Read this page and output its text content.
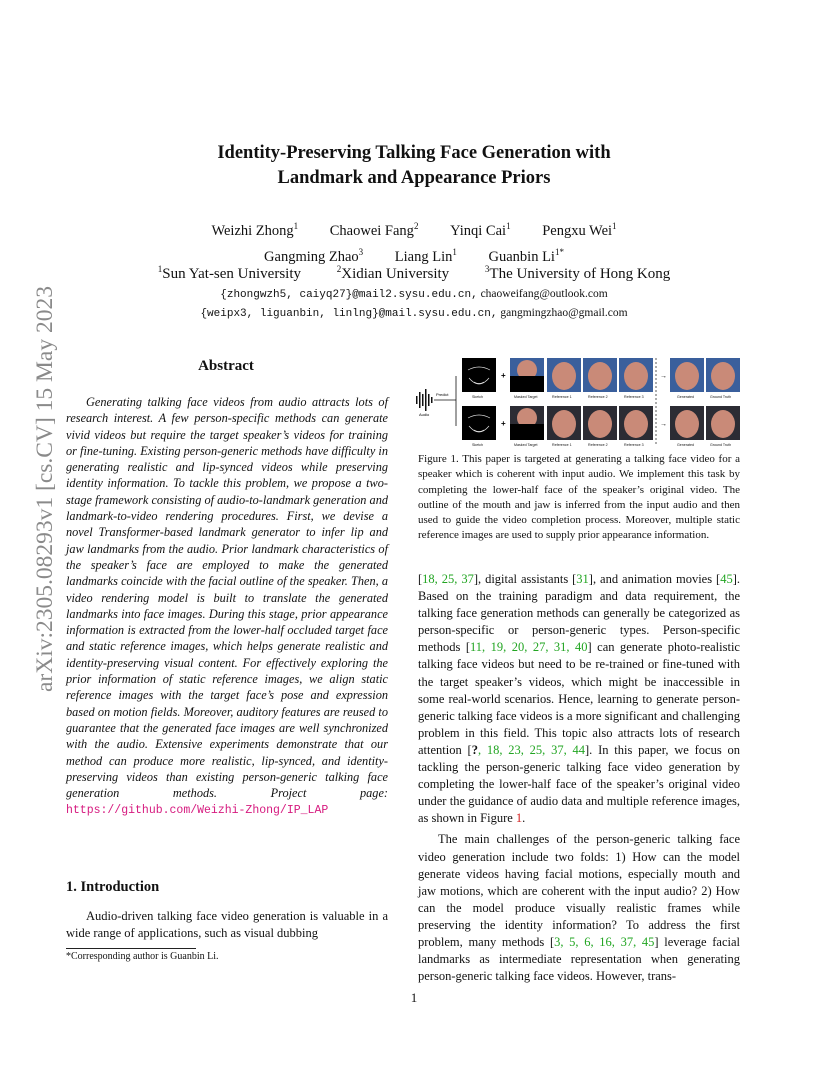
arXiv:2305.08293v1 [cs.CV] 15 May 2023
Identity-Preserving Talking Face Generation with
Landmark and Appearance Priors
Weizhi Zhong$^1$ Chaowei Fang$^2$ Yinqi Cai$^1$ Pengxu Wei$^1$
Gangming Zhao$^3$ Liang Lin$^1$ Guanbin $Li^{1*}$
$^1$Sun Yat-sen University	$^2$Xidian University	$^3$The University of Hong Kong
{zhongwzh5, caiyq27}@mail2.sysu.edu.cn, chaoweifang@outlook.com
{weipx3, liguanbin, linlng}@mail.sysu.edu.cn, gangmingzhao@gmail.com
Abstract

Generating talking face videos from audio attracts lots of research interest. A few person-specific methods can generate vivid videos but require the target speaker’s videos for training or fine-tuning. Existing person-generic methods have difficulty in generating realistic and lip-synced videos while preserving identity information. To tackle this problem, we propose a two-stage framework consisting of audio-to-landmark generation and landmark-to-video rendering procedures. First, we devise a novel Transformer-based landmark generator to infer lip and jaw landmarks from the audio. Prior landmark characteristics of the speaker’s face are employed to make the generated landmarks coincide with the facial outline of the speaker. Then, a video rendering model is built to translate the generated landmarks into face images. During this stage, prior appearance information is extracted from the lower-half occluded target face and static reference images, which helps generate realistic and identity-preserving visual content. For effectively exploring the prior information of static reference images, we align static reference images with the target face’s pose and expression based on motion fields. Moreover, auditory features are reused to guarantee that the generated face images are well synchronized with the audio. Extensive experiments demonstrate that our method can produce more realistic, lip-synced, and identity-preserving videos than existing person-generic talking face generation methods. Project page: https://github.com/Weizhi-Zhong/IP_LAP

1. Introduction

Audio-driven talking face video generation is valuable in a wide range of applications, such as visual dubbing

*Corresponding author is Guanbin Li.
Audio
Predict
+	→
Sketch	Masked Target	Reference 1	Reference 2	Reference 3	Generated	Ground Truth
+	→
Sketch	Masked Target	Reference 1	Reference 2	Reference 3	Generated	Ground Truth
Figure 1. This paper is targeted at generating a talking face video for a speaker which is coherent with input audio. We implement this task by completing the lower-half face of the speaker’s original video. The outline of the mouth and jaw is inferred from the input audio and then used to guide the video completion process. Moreover, multiple static reference images are used to supply prior appearance information.

[18, 25, 37], digital assistants [31], and animation movies [45]. Based on the training paradigm and data requirement, the talking face generation methods can generally be categorized as person-specific or person-generic types. Person-specific methods [11, 19, 20, 27, 31, 40] can generate photo-realistic talking face videos but need to be re-trained or fine-tuned with the target speaker’s videos, which might be inaccessible in some real-world scenarios. Hence, learning to generate person-generic talking face videos is a more significant and challenging problem in this field. This topic also attracts lots of research attention [?, 18, 23, 25, 37, 44]. In this paper, we focus on tackling the person-generic talking face video generation by completing the lower-half face of the speaker’s original video under the guidance of audio data and multiple reference images, as shown in Figure 1.

The main challenges of the person-generic talking face video generation include two folds: 1) How can the model generate videos having facial motions, especially mouth and jaw motions, which are coherent with the input audio? 2) How can the model produce visually realistic frames while preserving the identity information? To address the first problem, many methods [3, 5, 6, 16, 37, 45] leverage facial landmarks as intermediate representation when generating person-generic talking face videos. However, trans-

1
